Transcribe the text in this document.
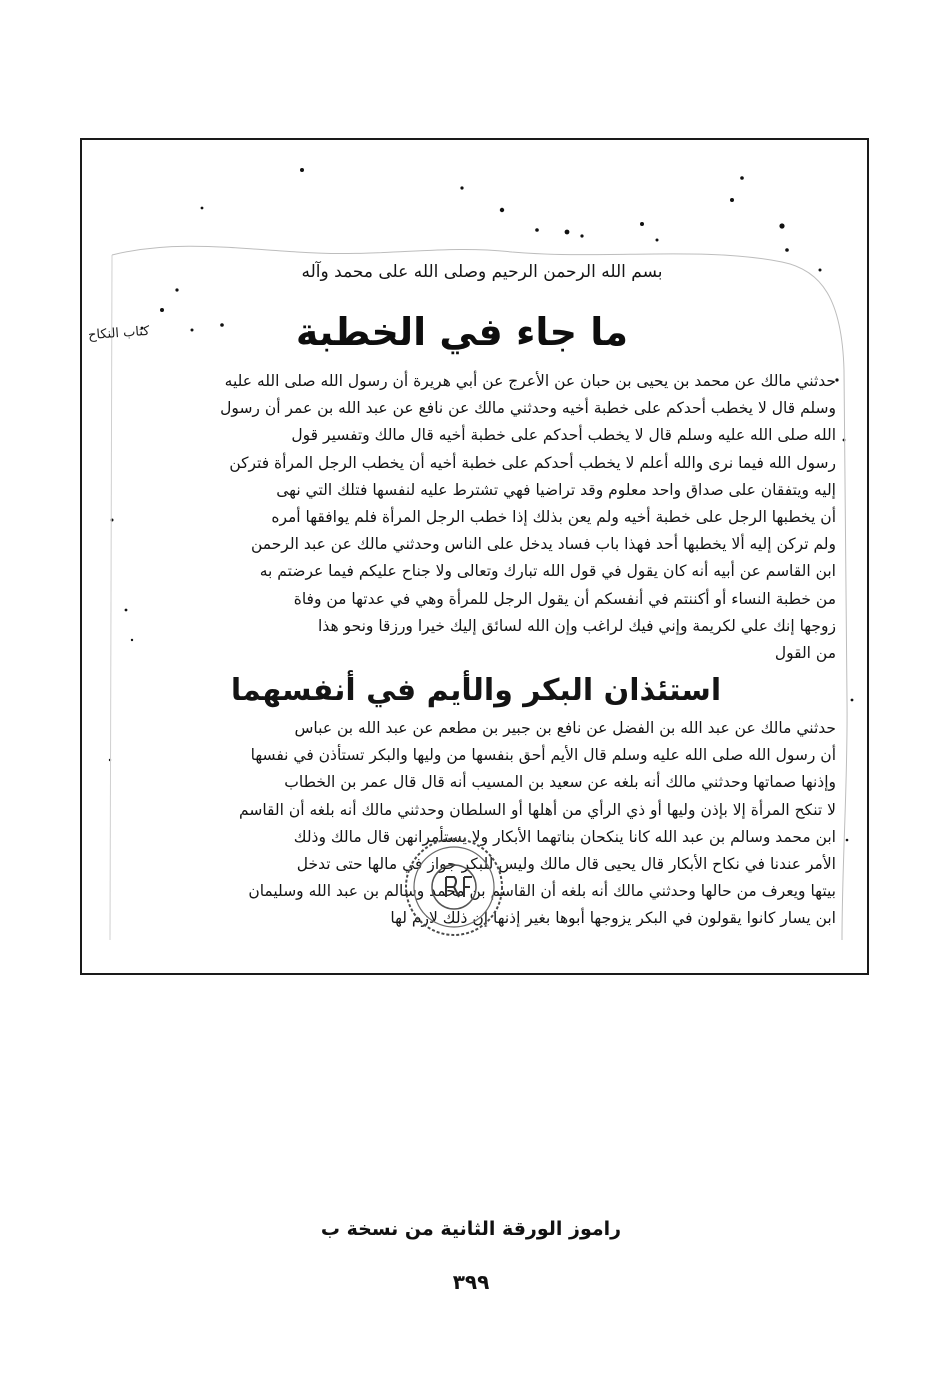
بسم الله الرحمن الرحيم وصلى الله على محمد وآله
ما جاء في الخطبة
كتاب النكاح
حدثني مالك عن محمد بن يحيى بن حبان عن الأعرج عن أبي هريرة أن رسول الله صلى الله عليه
وسلم قال لا يخطب أحدكم على خطبة أخيه وحدثني مالك عن نافع عن عبد الله بن عمر أن رسول
الله صلى الله عليه وسلم قال لا يخطب أحدكم على خطبة أخيه قال مالك وتفسير قول
رسول الله فيما نرى والله أعلم لا يخطب أحدكم على خطبة أخيه أن يخطب الرجل المرأة فتركن
إليه ويتفقان على صداق واحد معلوم وقد تراضيا فهي تشترط عليه لنفسها فتلك التي نهى
أن يخطبها الرجل على خطبة أخيه ولم يعن بذلك إذا خطب الرجل المرأة فلم يوافقها أمره
ولم تركن إليه ألا يخطبها أحد فهذا باب فساد يدخل على الناس وحدثني مالك عن عبد الرحمن
ابن القاسم عن أبيه أنه كان يقول في قول الله تبارك وتعالى ولا جناح عليكم فيما عرضتم به
من خطبة النساء أو أكننتم في أنفسكم أن يقول الرجل للمرأة وهي في عدتها من وفاة
زوجها إنك علي لكريمة وإني فيك لراغب وإن الله لسائق إليك خيرا ورزقا ونحو هذا
من القول
استئذان البكر والأيم في أنفسهما
حدثني مالك عن عبد الله بن الفضل عن نافع بن جبير بن مطعم عن عبد الله بن عباس
أن رسول الله صلى الله عليه وسلم قال الأيم أحق بنفسها من وليها والبكر تستأذن في نفسها
وإذنها صماتها وحدثني مالك أنه بلغه عن سعيد بن المسيب أنه قال قال عمر بن الخطاب
لا تنكح المرأة إلا بإذن وليها أو ذي الرأي من أهلها أو السلطان وحدثني مالك أنه بلغه أن القاسم
ابن محمد وسالم بن عبد الله كانا ينكحان بناتهما الأبكار ولا يستأمرانهن قال مالك وذلك
الأمر عندنا في نكاح الأبكار قال يحيى قال مالك وليس للبكر جواز في مالها حتى تدخل
بيتها ويعرف من حالها وحدثني مالك أنه بلغه أن القاسم بن محمد وسالم بن عبد الله وسليمان
ابن يسار كانوا يقولون في البكر يزوجها أبوها بغير إذنها إن ذلك لازم لها
راموز الورقة الثانية من نسخة ب
٣٩٩
